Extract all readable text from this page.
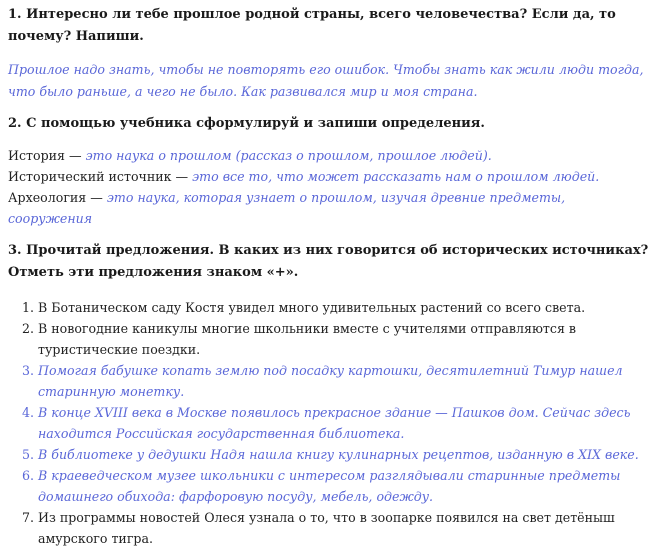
1. Интересно ли тебе прошлое родной страны, всего человечества? Если да, то почему? Напиши.

Прошлое надо знать, чтобы не повторять его ошибок. Чтобы знать как жили люди тогда, что было раньше, а чего не было. Как развивался мир и моя страна.

2. С помощью учебника сформулируй и запиши определения.

История — это наука о прошлом (рассказ о прошлом, прошлое людей).

Исторический источник — это все то, что может рассказать нам о прошлом людей.

Археология — это наука, которая узнает о прошлом, изучая древние предметы, сооружения

3. Прочитай предложения. В каких из них говорится об исторических источниках? Отметь эти предложения знаком «+».

1. В Ботаническом саду Костя увидел много удивительных растений со всего света.
2. В новогодние каникулы многие школьники вместе с учителями отправляются в туристические поездки.
3. Помогая бабушке копать землю под посадку картошки, десятилетний Тимур нашел старинную монетку.
4. В конце XVIII века в Москве появилось прекрасное здание — Пашков дом. Сейчас здесь находится Российская государственная библиотека.
5. В библиотеке у дедушки Надя нашла книгу кулинарных рецептов, изданную в XIX веке.
6. В краеведческом музее школьники с интересом разглядывали старинные предметы домашнего обихода: фарфоровую посуду, мебель, одежду.
7. Из программы новостей Олеся узнала о то, что в зоопарке появился на свет детёныш амурского тигра.
